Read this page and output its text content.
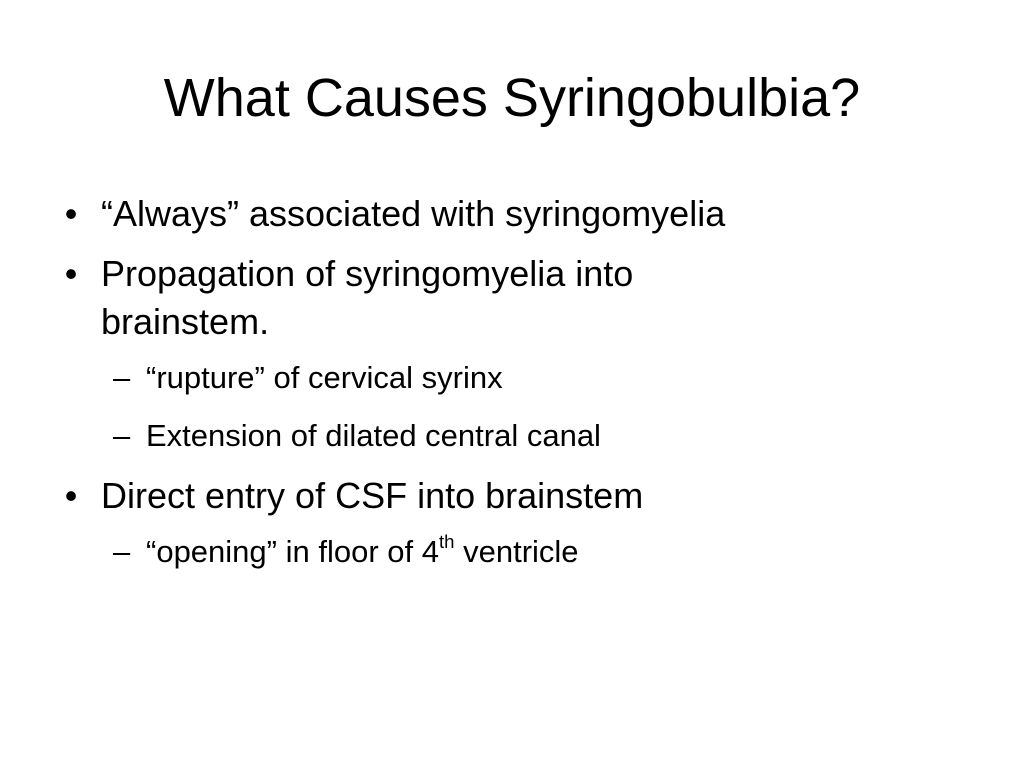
What Causes Syringobulbia?
• “Always” associated with syringomyelia
• Propagation of syringomyelia into brainstem.
– “rupture” of cervical syrinx
– Extension of dilated central canal
• Direct entry of CSF into brainstem
– “opening” in floor of 4th ventricle
